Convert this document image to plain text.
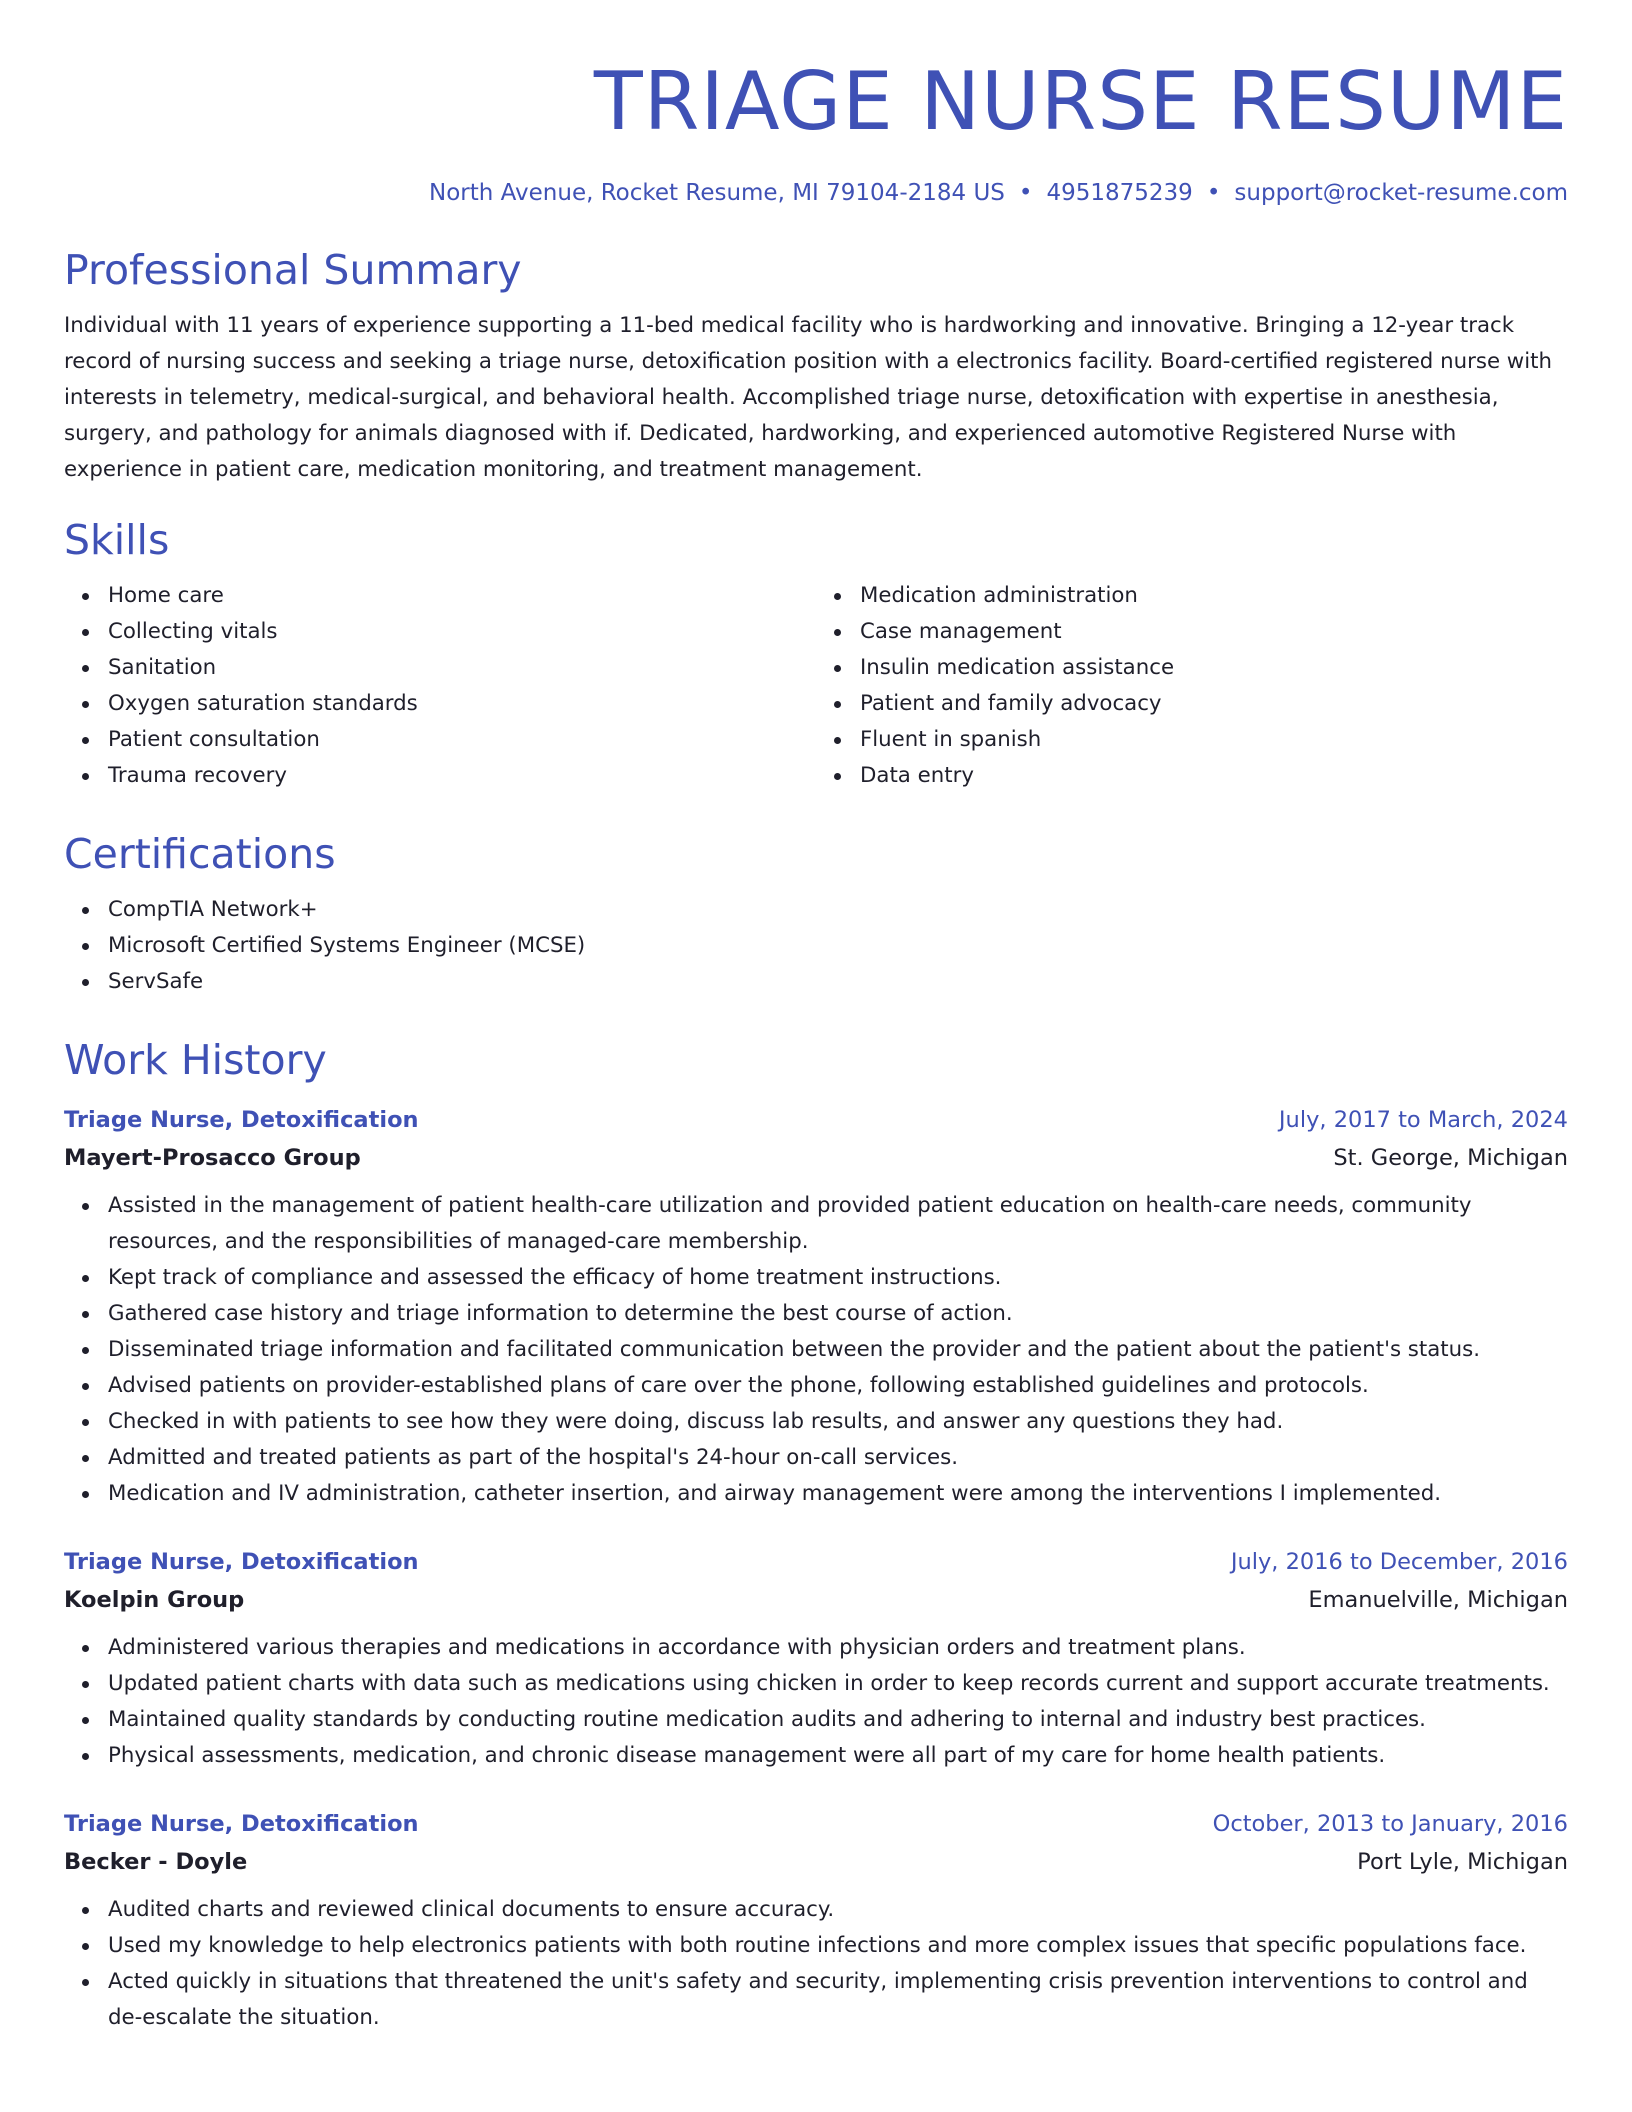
TRIAGE NURSE RESUME
North Avenue, Rocket Resume, MI 79104-2184 US • 4951875239 • support@rocket-resume.com
Professional Summary
Individual with 11 years of experience supporting a 11-bed medical facility who is hardworking and innovative. Bringing a 12-year track record of nursing success and seeking a triage nurse, detoxification position with a electronics facility. Board-certified registered nurse with interests in telemetry, medical-surgical, and behavioral health. Accomplished triage nurse, detoxification with expertise in anesthesia, surgery, and pathology for animals diagnosed with if. Dedicated, hardworking, and experienced automotive Registered Nurse with experience in patient care, medication monitoring, and treatment management.
Skills
Home care
Collecting vitals
Sanitation
Oxygen saturation standards
Patient consultation
Trauma recovery
Medication administration
Case management
Insulin medication assistance
Patient and family advocacy
Fluent in spanish
Data entry
Certifications
CompTIA Network+
Microsoft Certified Systems Engineer (MCSE)
ServSafe
Work History
Triage Nurse, Detoxification	July, 2017 to March, 2024
Mayert-Prosacco Group	St. George, Michigan
Assisted in the management of patient health-care utilization and provided patient education on health-care needs, community resources, and the responsibilities of managed-care membership.
Kept track of compliance and assessed the efficacy of home treatment instructions.
Gathered case history and triage information to determine the best course of action.
Disseminated triage information and facilitated communication between the provider and the patient about the patient's status.
Advised patients on provider-established plans of care over the phone, following established guidelines and protocols.
Checked in with patients to see how they were doing, discuss lab results, and answer any questions they had.
Admitted and treated patients as part of the hospital's 24-hour on-call services.
Medication and IV administration, catheter insertion, and airway management were among the interventions I implemented.
Triage Nurse, Detoxification	July, 2016 to December, 2016
Koelpin Group	Emanuelville, Michigan
Administered various therapies and medications in accordance with physician orders and treatment plans.
Updated patient charts with data such as medications using chicken in order to keep records current and support accurate treatments.
Maintained quality standards by conducting routine medication audits and adhering to internal and industry best practices.
Physical assessments, medication, and chronic disease management were all part of my care for home health patients.
Triage Nurse, Detoxification	October, 2013 to January, 2016
Becker - Doyle	Port Lyle, Michigan
Audited charts and reviewed clinical documents to ensure accuracy.
Used my knowledge to help electronics patients with both routine infections and more complex issues that specific populations face.
Acted quickly in situations that threatened the unit's safety and security, implementing crisis prevention interventions to control and de-escalate the situation.
